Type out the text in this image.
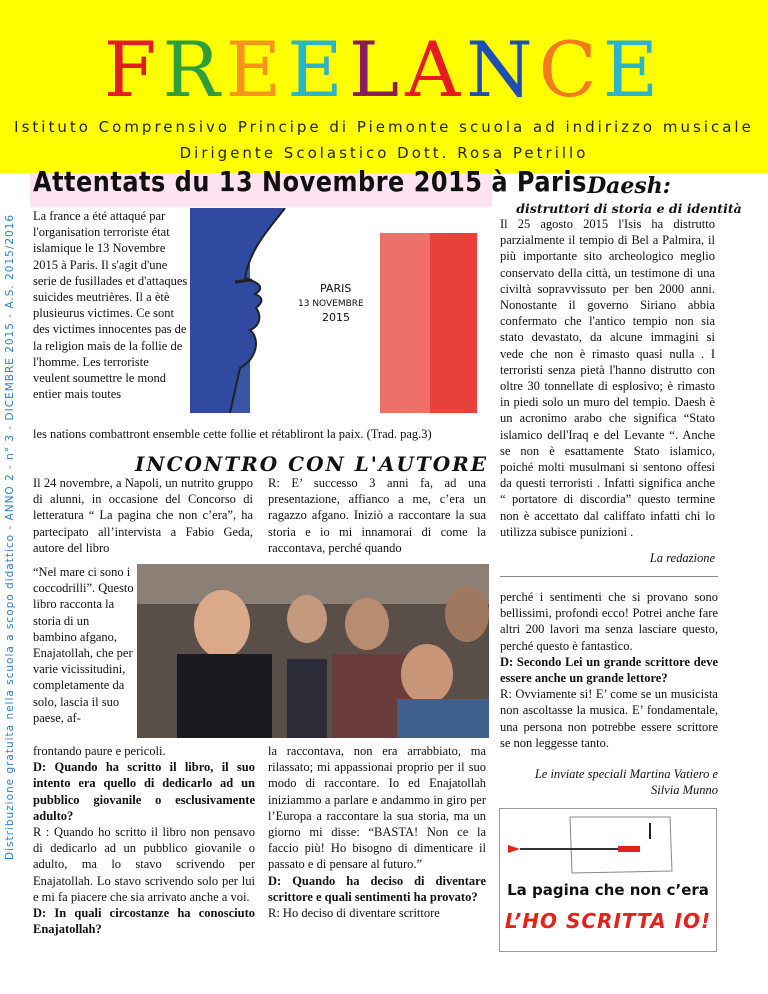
FREELANCE
Istituto Comprensivo Principe di Piemonte scuola ad indirizzo musicale
Dirigente Scolastico Dott. Rosa Petrillo
Distribuzione gratuita nella scuola a scopo didattico - ANNO 2 - n° 3 - DICEMBRE 2015 - A.S. 2015/2016
Attentats du 13 Novembre 2015 à Paris
La france a été attaqué par l'organisation terroriste état islamique le 13 Novembre 2015 à Paris. Il s'agit d'une serie de fusillades et d'attaques suicides meutrières. Il a ètè plusieurus victimes. Ce sont des victimes innocentes pas de la religion mais de la follie de l'homme. Les terroriste veulent soumettre le mond entier mais toutes
PARIS
13 NOVEMBRE
2015
les nations combattront ensemble cette follie et rétabliront la paix. (Trad. pag.3)
INCONTRO CON L'AUTORE
Il 24 novembre, a Napoli, un nutrito gruppo di alunni, in occasione del Concorso di letteratura “ La pagina che non c’era”, ha partecipato all’intervista a Fabio Geda, autore del libro
R: E’ successo 3 anni fa, ad una presentazione, affianco a me, c’era un ragazzo afgano. Iniziò a raccontare la sua storia e io mi innamorai di come la raccontava, perché quando
“Nel mare ci sono i coccodrilli”. Questo libro racconta la storia di un bambino afgano, Enajatollah, che per varie vicissitudini, completamente da solo, lascia il suo paese, af-
frontando paure e pericoli.
D: Quando ha scritto il libro, il suo intento era quello di dedicarlo ad un pubblico giovanile o esclusivamente adulto?
R : Quando ho scritto il libro non pensavo di dedicarlo ad un pubblico giovanile o adulto, ma lo stavo scrivendo per Enajatollah. Lo stavo scrivendo solo per lui e mi fa piacere che sia arrivato anche a voi.
D: In quali circostanze ha conosciuto Enajatollah?
la raccontava, non era arrabbiato, ma rilassato; mi appassionai proprio per il suo modo di raccontare. Io ed Enajatollah iniziammo a parlare e andammo in giro per l’Europa a raccontare la sua storia, ma un giorno mi disse: “BASTA! Non ce la faccio più! Ho bisogno di dimenticare il passato e di pensare al futuro.”
D: Quando ha deciso di diventare scrittore e quali sentimenti ha provato?
R: Ho deciso di diventare scrittore
Daesh:
distruttori di storia e di identità
Il 25 agosto 2015 l'Isis ha distrutto parzialmente il tempio di Bel a Palmira, il più importante sito archeologico meglio conservato della città, un testimone di una civiltà sopravvissuto per ben 2000 anni. Nonostante il governo Siriano abbia confermato che l'antico tempio non sia stato devastato, da alcune immagini si vede che non è rimasto quasi nulla . I terroristi senza pietà l'hanno distrutto con oltre 30 tonnellate di esplosivo; è rimasto in piedi solo un muro del tempio. Daesh è un acronimo arabo che significa “Stato islamico dell'Iraq e del Levante “. Anche se non è esattamente Stato islamico, poiché molti musulmani si sentono offesi da questi terroristi . Infatti significa anche “ portatore di discordia” questo termine non è accettato dal califfato infatti chi lo utilizza subisce punizioni .
La redazione
perché i sentimenti che si provano sono bellissimi, profondi ecco! Potrei anche fare altri 200 lavori ma senza lasciare questo, perché questo è fantastico.
D: Secondo Lei un grande scrittore deve essere anche un grande lettore?
R: Ovviamente si! E’ come se un musicista non ascoltasse la musica. E’ fondamentale, una persona non potrebbe essere scrittore se non leggesse tanto.
Le inviate speciali Martina Vatiero e
Silvia Munno
La pagina che non c’era
L’HO SCRITTA IO!
